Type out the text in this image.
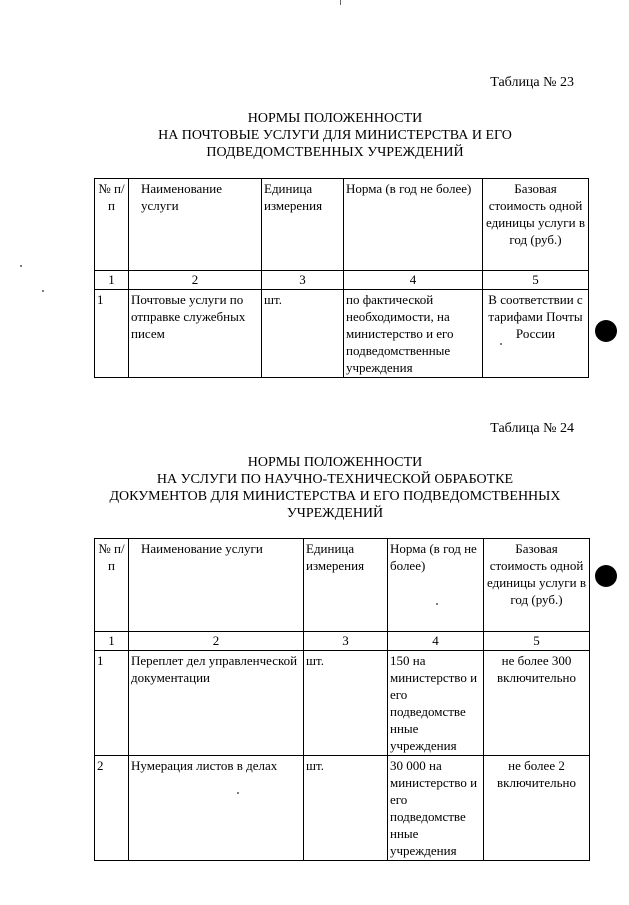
Таблица № 23
НОРМЫ ПОЛОЖЕННОСТИ
НА ПОЧТОВЫЕ УСЛУГИ ДЛЯ МИНИСТЕРСТВА И ЕГО
ПОДВЕДОМСТВЕННЫХ УЧРЕЖДЕНИЙ
№ п/п	Наименование услуги	Единица измерения	Норма (в год не более)	Базовая стоимость одной единицы услуги в год (руб.)
1	2	3	4	5
1	Почтовые услуги по отправке служебных писем	шт.	по фактической необходимости, на министерство и его подведомственные учреждения	В соответствии с тарифами Почты России
Таблица № 24
НОРМЫ ПОЛОЖЕННОСТИ
НА УСЛУГИ ПО НАУЧНО-ТЕХНИЧЕСКОЙ ОБРАБОТКЕ
ДОКУМЕНТОВ ДЛЯ МИНИСТЕРСТВА И ЕГО ПОДВЕДОМСТВЕННЫХ
УЧРЕЖДЕНИЙ
№ п/п	Наименование услуги	Единица измерения	Норма (в год не более)	Базовая стоимость одной единицы услуги в год (руб.)
1	2	3	4	5
1	Переплет дел управленческой документации	шт.	150 на министерство и его подведомстве нные учреждения	не более 300 включительно
2	Нумерация листов в делах	шт.	30 000 на министерство и его подведомстве нные учреждения	не более 2 включительно
